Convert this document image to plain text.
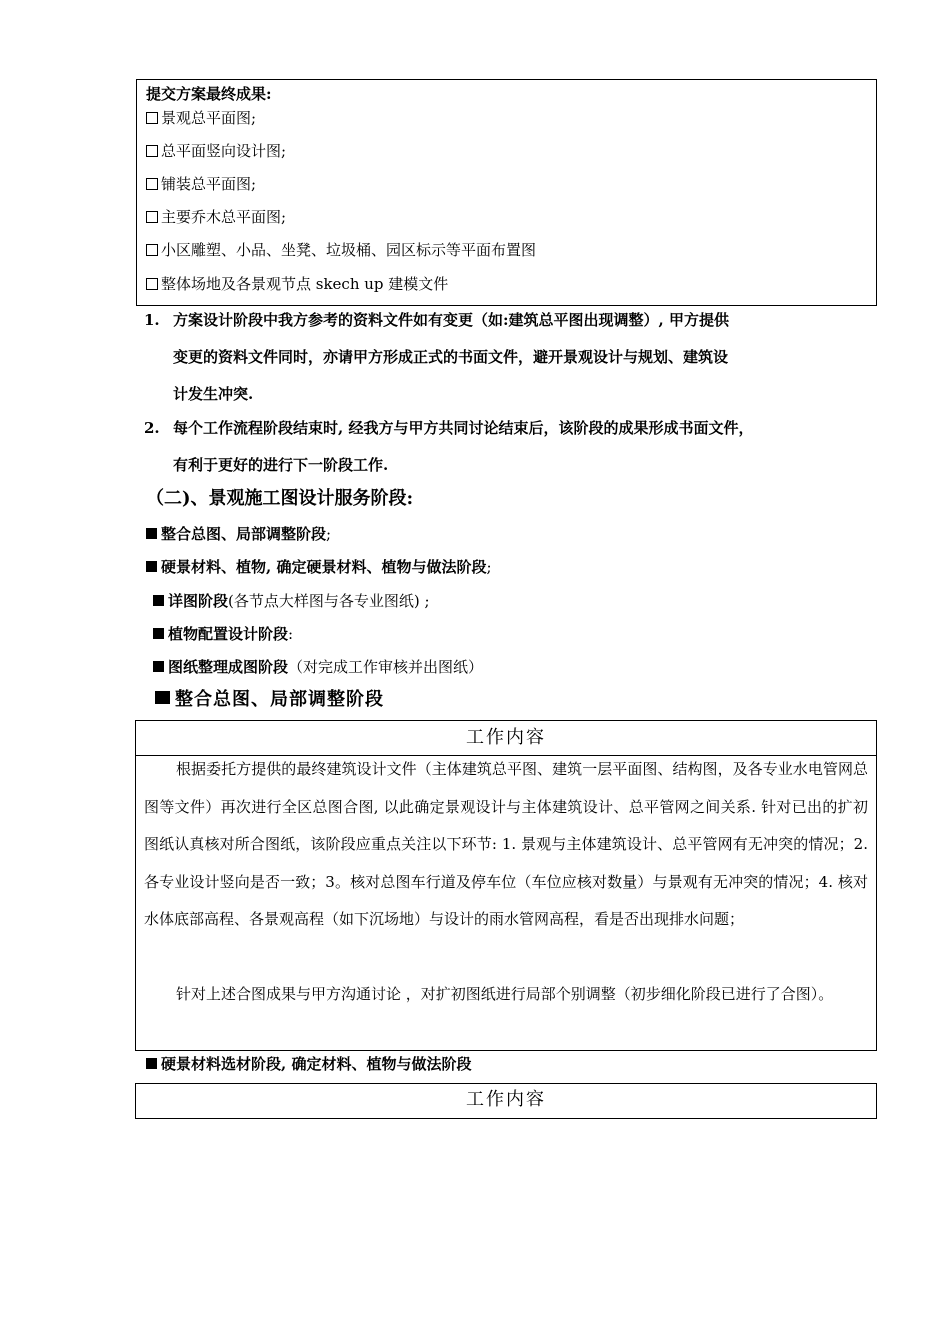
提交方案最终成果:
景观总平面图;
总平面竖向设计图;
铺装总平面图;
主要乔木总平面图;
小区雕塑、小品、坐凳、垃圾桶、园区标示等平面布置图
整体场地及各景观节点 skech up 建模文件
1. 方案设计阶段中我方参考的资料文件如有变更（如:建筑总平图出现调整）, 甲方提供
变更的资料文件同时，亦请甲方形成正式的书面文件，避开景观设计与规划、建筑设
计发生冲突.
2. 每个工作流程阶段结束时, 经我方与甲方共同讨论结束后，该阶段的成果形成书面文件，
有利于更好的进行下一阶段工作.
（二)、景观施工图设计服务阶段:
整合总图、局部调整阶段;
硬景材料、植物, 确定硬景材料、植物与做法阶段;
详图阶段(各节点大样图与各专业图纸) ;
植物配置设计阶段:
图纸整理成图阶段（对完成工作审核并出图纸）
整合总图、局部调整阶段
工作内容
根据委托方提供的最终建筑设计文件（主体建筑总平图、建筑一层平面图、结构图，及各专业水电管网总图等文件）再次进行全区总图合图, 以此确定景观设计与主体建筑设计、总平管网之间关系. 针对已出的扩初图纸认真核对所合图纸，该阶段应重点关注以下环节: 1. 景观与主体建筑设计、总平管网有无冲突的情况；2. 各专业设计竖向是否一致；3。核对总图车行道及停车位（车位应核对数量）与景观有无冲突的情况；4. 核对水体底部高程、各景观高程（如下沉场地）与设计的雨水管网高程，看是否出现排水问题；
针对上述合图成果与甲方沟通讨论 ，对扩初图纸进行局部个别调整（初步细化阶段已进行了合图）。
硬景材料选材阶段, 确定材料、植物与做法阶段
工作内容
